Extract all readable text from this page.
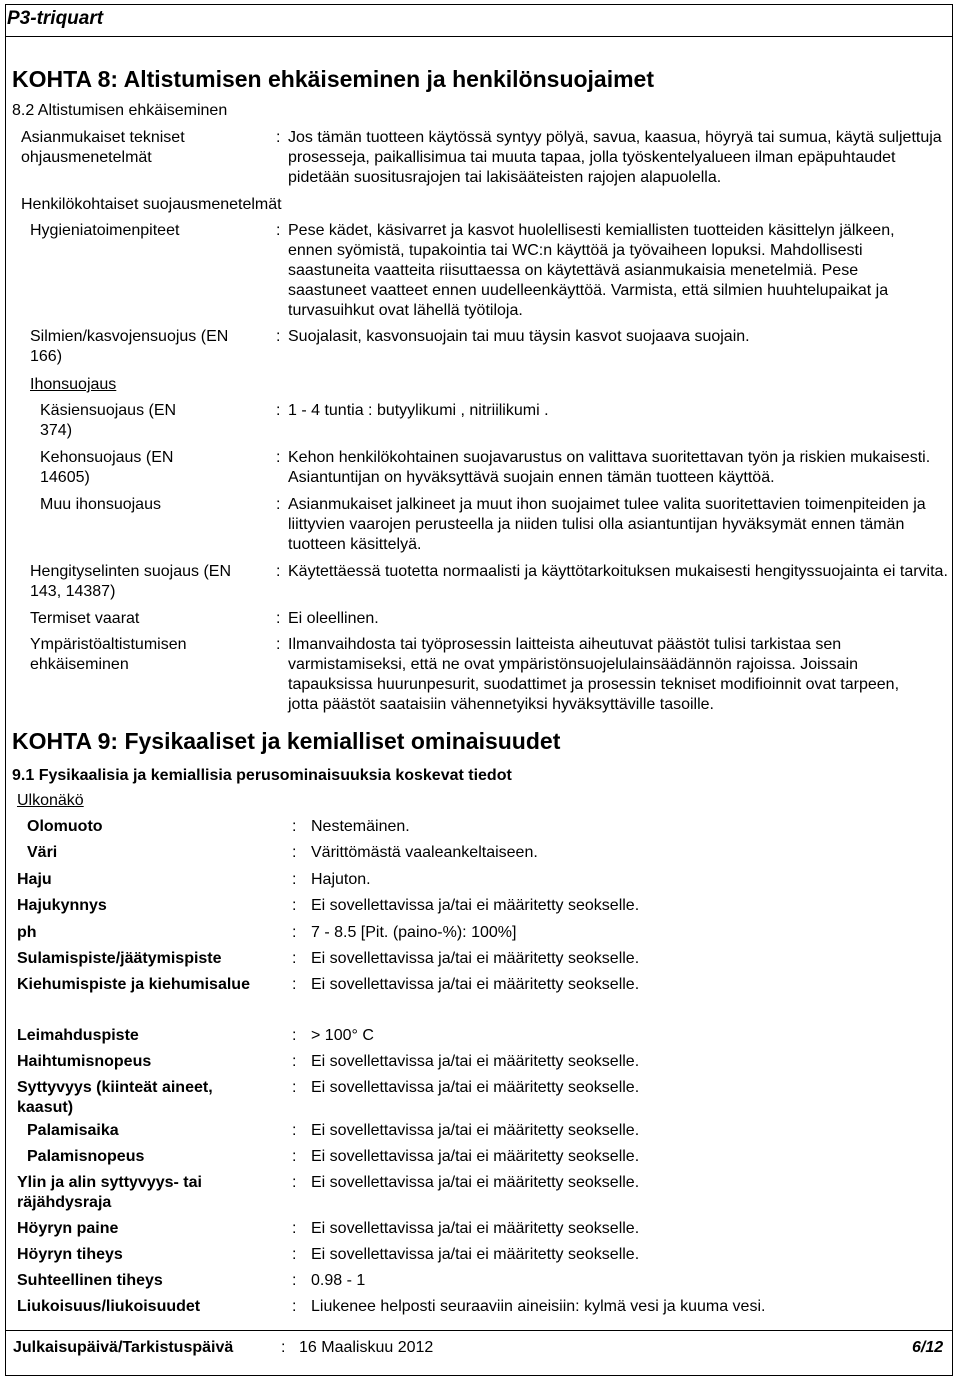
P3-triquart
KOHTA 8: Altistumisen ehkäiseminen ja henkilönsuojaimet
8.2 Altistumisen ehkäiseminen
Asianmukaiset tekniset ohjausmenetelmät
: Jos tämän tuotteen käytössä syntyy pölyä, savua, kaasua, höyryä tai sumua, käytä suljettuja prosesseja, paikallisimua tai muuta tapaa, jolla työskentelyalueen ilman epäpuhtaudet pidetään suositusrajojen tai lakisääteisten rajojen alapuolella.
Henkilökohtaiset suojausmenetelmät
Hygieniatoimenpiteet	: Pese kädet, käsivarret ja kasvot huolellisesti kemiallisten tuotteiden käsittelyn jälkeen, ennen syömistä, tupakointia tai WC:n käyttöä ja työvaiheen lopuksi. Mahdollisesti saastuneita vaatteita riisuttaessa on käytettävä asianmukaisia menetelmiä. Pese saastuneet vaatteet ennen uudelleenkäyttöä. Varmista, että silmien huuhtelupaikat ja turvasuihkut ovat lähellä työtiloja.
Silmien/kasvojensuojus (EN 166)
: Suojalasit, kasvonsuojain tai muu täysin kasvot suojaava suojain.
Ihonsuojaus
Käsiensuojaus (EN 374)
: 1 - 4 tuntia : butyylikumi , nitriilikumi .
Kehonsuojaus (EN 14605)
: Kehon henkilökohtainen suojavarustus on valittava suoritettavan työn ja riskien mukaisesti. Asiantuntijan on hyväksyttävä suojain ennen tämän tuotteen käyttöä.
Muu ihonsuojaus	: Asianmukaiset jalkineet ja muut ihon suojaimet tulee valita suoritettavien toimenpiteiden ja liittyvien vaarojen perusteella ja niiden tulisi olla asiantuntijan hyväksymät ennen tämän tuotteen käsittelyä.
Hengityselinten suojaus (EN 143, 14387)
: Käytettäessä tuotetta normaalisti ja käyttötarkoituksen mukaisesti hengityssuojainta ei tarvita.
Termiset vaarat	: Ei oleellinen.
Ympäristöaltistumisen ehkäiseminen
: Ilmanvaihdosta tai työprosessin laitteista aiheutuvat päästöt tulisi tarkistaa sen varmistamiseksi, että ne ovat ympäristönsuojelulainsäädännön rajoissa. Joissain tapauksissa huurunpesurit, suodattimet ja prosessin tekniset modifioinnit ovat tarpeen, jotta päästöt saataisiin vähennetyiksi hyväksyttäville tasoille.
KOHTA 9: Fysikaaliset ja kemialliset ominaisuudet
9.1 Fysikaalisia ja kemiallisia perusominaisuuksia koskevat tiedot
Ulkonäkö
Olomuoto	: Nestemäinen.
Väri	: Värittömästä vaaleankeltaiseen.
Haju	: Hajuton.
Hajukynnys	: Ei sovellettavissa ja/tai ei määritetty seokselle.
ph	: 7 - 8.5 [Pit. (paino-%): 100%]
Sulamispiste/jäätymispiste	: Ei sovellettavissa ja/tai ei määritetty seokselle.
Kiehumispiste ja kiehumisalue	: Ei sovellettavissa ja/tai ei määritetty seokselle.
Leimahduspiste	: > 100° C
Haihtumisnopeus	: Ei sovellettavissa ja/tai ei määritetty seokselle.
Syttyvyys (kiinteät aineet, kaasut)
: Ei sovellettavissa ja/tai ei määritetty seokselle.
Palamisaika	: Ei sovellettavissa ja/tai ei määritetty seokselle.
Palamisnopeus	: Ei sovellettavissa ja/tai ei määritetty seokselle.
Ylin ja alin syttyvyys- tai räjähdysraja
: Ei sovellettavissa ja/tai ei määritetty seokselle.
Höyryn paine	: Ei sovellettavissa ja/tai ei määritetty seokselle.
Höyryn tiheys	: Ei sovellettavissa ja/tai ei määritetty seokselle.
Suhteellinen tiheys	: 0.98 - 1
Liukoisuus/liukoisuudet	: Liukenee helposti seuraaviin aineisiin: kylmä vesi ja kuuma vesi.
Julkaisupäivä/Tarkistuspäivä	: 16 Maaliskuu 2012	6/12
